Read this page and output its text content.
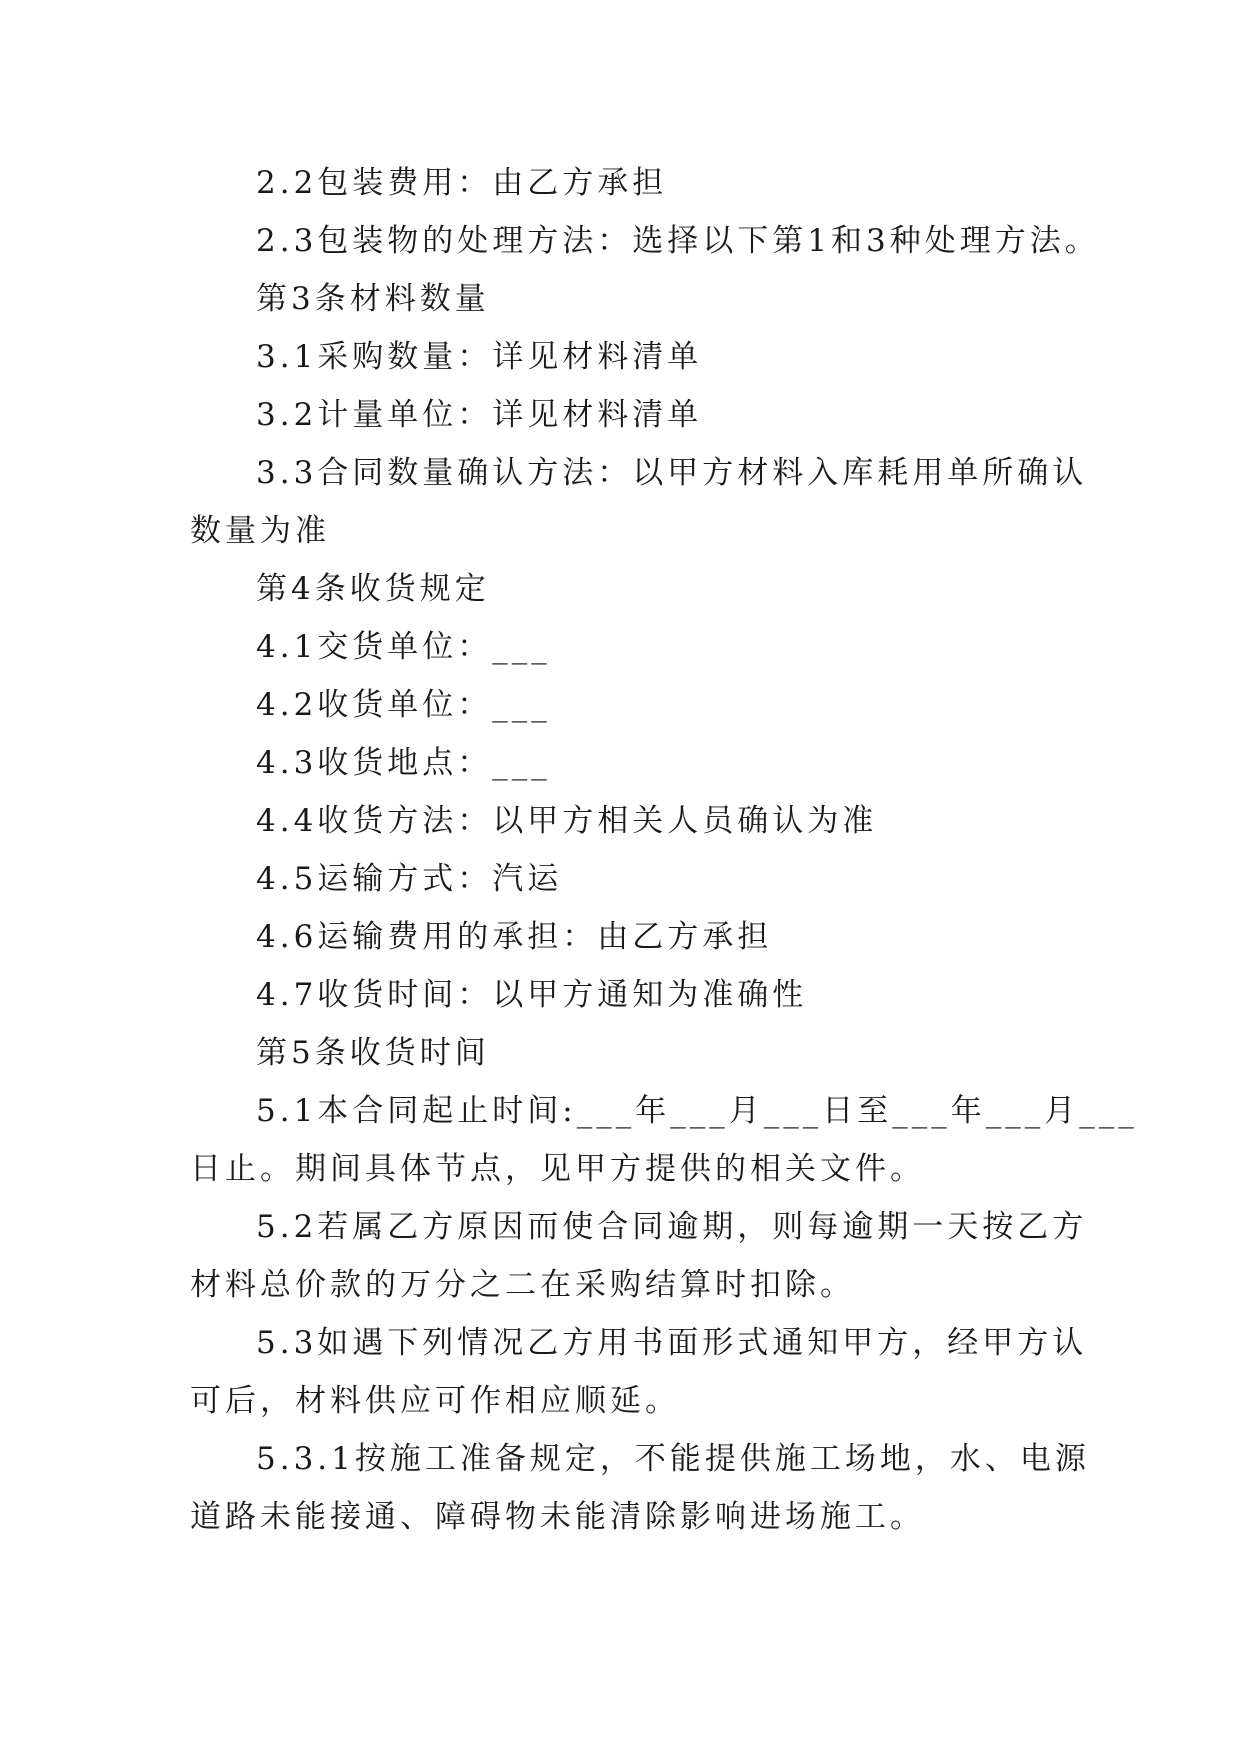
2.2包装费用：由乙方承担
2.3包装物的处理方法：选择以下第1和3种处理方法。
第3条材料数量
3.1采购数量：详见材料清单
3.2计量单位：详见材料清单
3.3合同数量确认方法：以甲方材料入库耗用单所确认
数量为准
第4条收货规定
4.1交货单位：___
4.2收货单位：___
4.3收货地点：___
4.4收货方法：以甲方相关人员确认为准
4.5运输方式：汽运
4.6运输费用的承担：由乙方承担
4.7收货时间：以甲方通知为准确性
第5条收货时间
5.1本合同起止时间:___年___月___日至___年___月___
日止。期间具体节点，见甲方提供的相关文件。
5.2若属乙方原因而使合同逾期，则每逾期一天按乙方
材料总价款的万分之二在采购结算时扣除。
5.3如遇下列情况乙方用书面形式通知甲方，经甲方认
可后，材料供应可作相应顺延。
5.3.1按施工准备规定，不能提供施工场地，水、电源
道路未能接通、障碍物未能清除影响进场施工。
